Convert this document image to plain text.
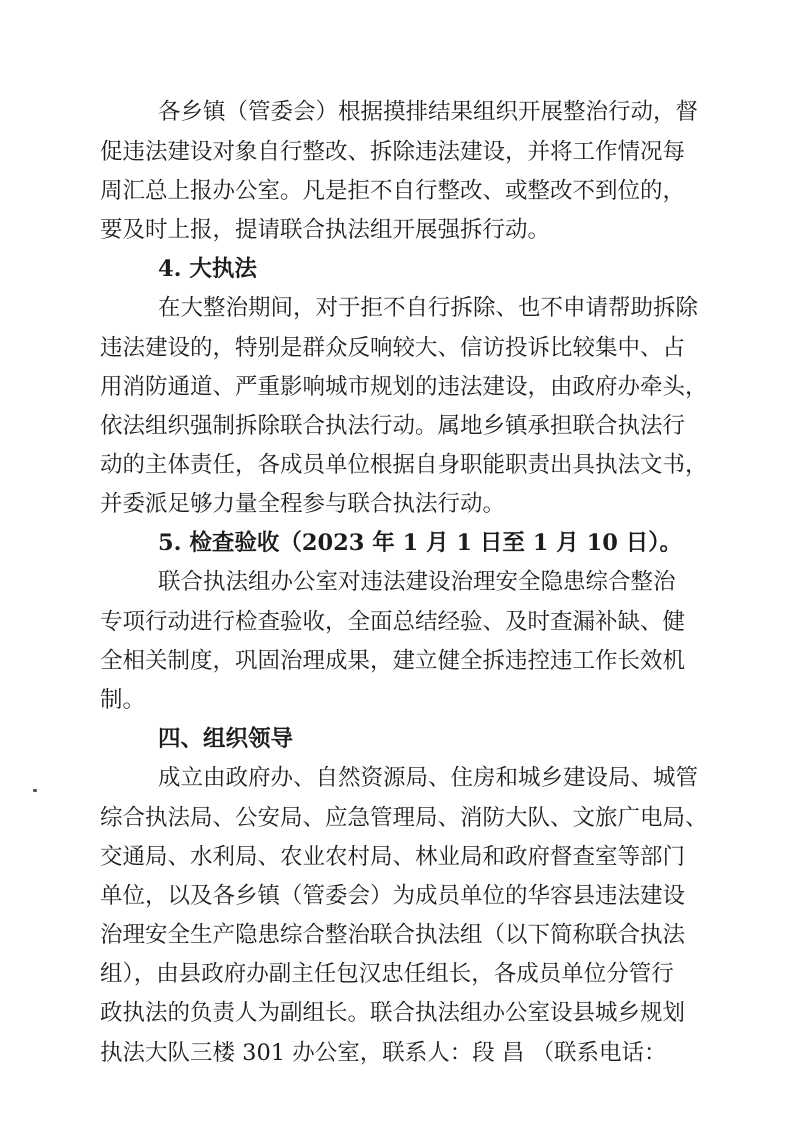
各乡镇（管委会）根据摸排结果组织开展整治行动，督
促违法建设对象自行整改、拆除违法建设，并将工作情况每
周汇总上报办公室。凡是拒不自行整改、或整改不到位的，
要及时上报，提请联合执法组开展强拆行动。
4. 大执法
在大整治期间，对于拒不自行拆除、也不申请帮助拆除
违法建设的，特别是群众反响较大、信访投诉比较集中、占
用消防通道、严重影响城市规划的违法建设，由政府办牵头，
依法组织强制拆除联合执法行动。属地乡镇承担联合执法行
动的主体责任，各成员单位根据自身职能职责出具执法文书，
并委派足够力量全程参与联合执法行动。
5. 检查验收（2023 年 1 月 1 日至 1 月 10 日）。
联合执法组办公室对违法建设治理安全隐患综合整治
专项行动进行检查验收，全面总结经验、及时查漏补缺、健
全相关制度，巩固治理成果，建立健全拆违控违工作长效机
制。
四、组织领导
成立由政府办、自然资源局、住房和城乡建设局、城管
综合执法局、公安局、应急管理局、消防大队、文旅广电局、
交通局、水利局、农业农村局、林业局和政府督查室等部门
单位，以及各乡镇（管委会）为成员单位的华容县违法建设
治理安全生产隐患综合整治联合执法组（以下简称联合执法
组），由县政府办副主任包汉忠任组长，各成员单位分管行
政执法的负责人为副组长。联合执法组办公室设县城乡规划
执法大队三楼 301 办公室，联系人：段 昌 （联系电话：
